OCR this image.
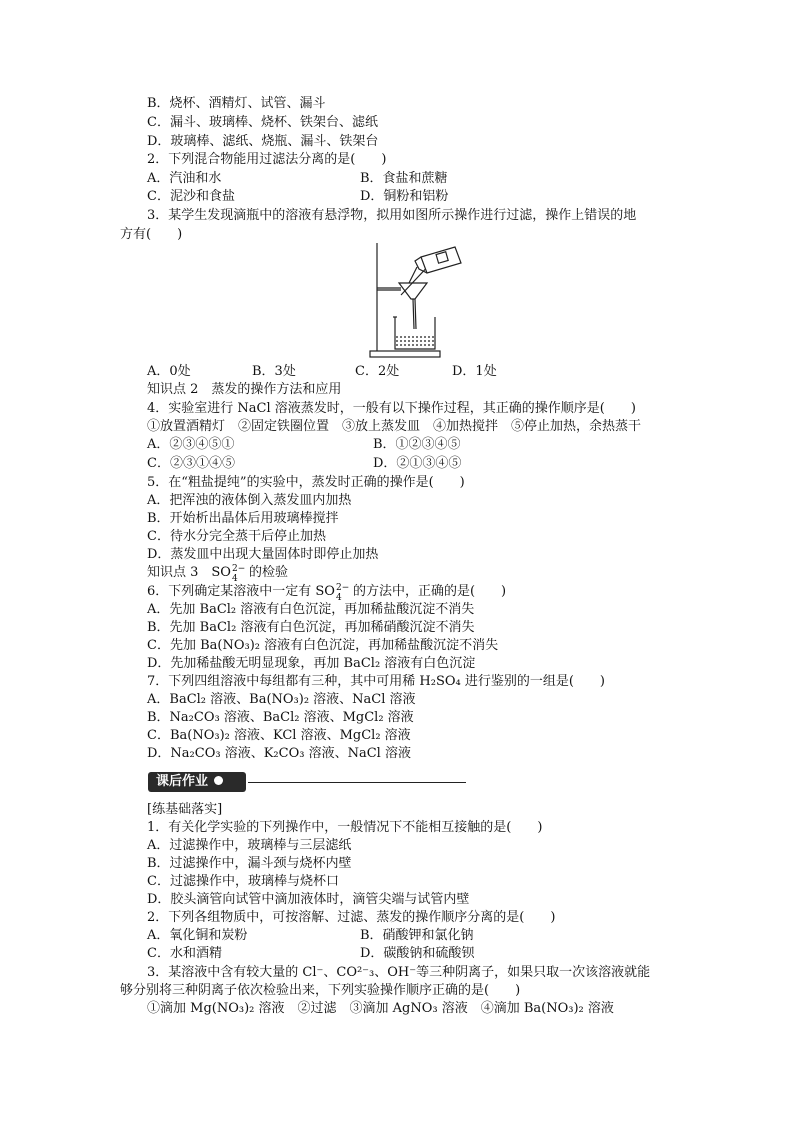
B．烧杯、酒精灯、试管、漏斗
C．漏斗、玻璃棒、烧杯、铁架台、滤纸
D．玻璃棒、滤纸、烧瓶、漏斗、铁架台
2．下列混合物能用过滤法分离的是(　　)
A．汽油和水	B．食盐和蔗糖
C．泥沙和食盐	D．铜粉和铝粉
3．某学生发现滴瓶中的溶液有悬浮物，拟用如图所示操作进行过滤，操作上错误的地
方有(　　)
A．0处	B．3处	C．2处	D．1处
知识点 2　蒸发的操作方法和应用
4．实验室进行 NaCl 溶液蒸发时，一般有以下操作过程，其正确的操作顺序是(　　)
①放置酒精灯　②固定铁圈位置　③放上蒸发皿　④加热搅拌　⑤停止加热，余热蒸干
A．②③④⑤①	B．①②③④⑤
C．②③①④⑤	D．②①③④⑤
5．在“粗盐提纯”的实验中，蒸发时正确的操作是(　　)
A．把浑浊的液体倒入蒸发皿内加热
B．开始析出晶体后用玻璃棒搅拌
C．待水分完全蒸干后停止加热
D．蒸发皿中出现大量固体时即停止加热
知识点 3　SO 2−
4 的检验
6．下列确定某溶液中一定有 SO 2−
4 的方法中，正确的是(　　)
A．先加 BaCl₂ 溶液有白色沉淀，再加稀盐酸沉淀不消失
B．先加 BaCl₂ 溶液有白色沉淀，再加稀硝酸沉淀不消失
C．先加 Ba(NO₃)₂ 溶液有白色沉淀，再加稀盐酸沉淀不消失
D．先加稀盐酸无明显现象，再加 BaCl₂ 溶液有白色沉淀
7．下列四组溶液中每组都有三种，其中可用稀 H₂SO₄ 进行鉴别的一组是(　　)
A．BaCl₂ 溶液、Ba(NO₃)₂ 溶液、NaCl 溶液
B．Na₂CO₃ 溶液、BaCl₂ 溶液、MgCl₂ 溶液
C．Ba(NO₃)₂ 溶液、KCl 溶液、MgCl₂ 溶液
D．Na₂CO₃ 溶液、K₂CO₃ 溶液、NaCl 溶液
课后作业
[练基础落实]
1．有关化学实验的下列操作中，一般情况下不能相互接触的是(　　)
A．过滤操作中，玻璃棒与三层滤纸
B．过滤操作中，漏斗颈与烧杯内壁
C．过滤操作中，玻璃棒与烧杯口
D．胶头滴管向试管中滴加液体时，滴管尖端与试管内壁
2．下列各组物质中，可按溶解、过滤、蒸发的操作顺序分离的是(　　)
A．氧化铜和炭粉	B．硝酸钾和氯化钠
C．水和酒精	D．碳酸钠和硫酸钡
3．某溶液中含有较大量的 Cl⁻、CO²⁻₃、OH⁻等三种阴离子，如果只取一次该溶液就能
够分别将三种阴离子依次检验出来，下列实验操作顺序正确的是(　　)
①滴加 Mg(NO₃)₂ 溶液　②过滤　③滴加 AgNO₃ 溶液　④滴加 Ba(NO₃)₂ 溶液
